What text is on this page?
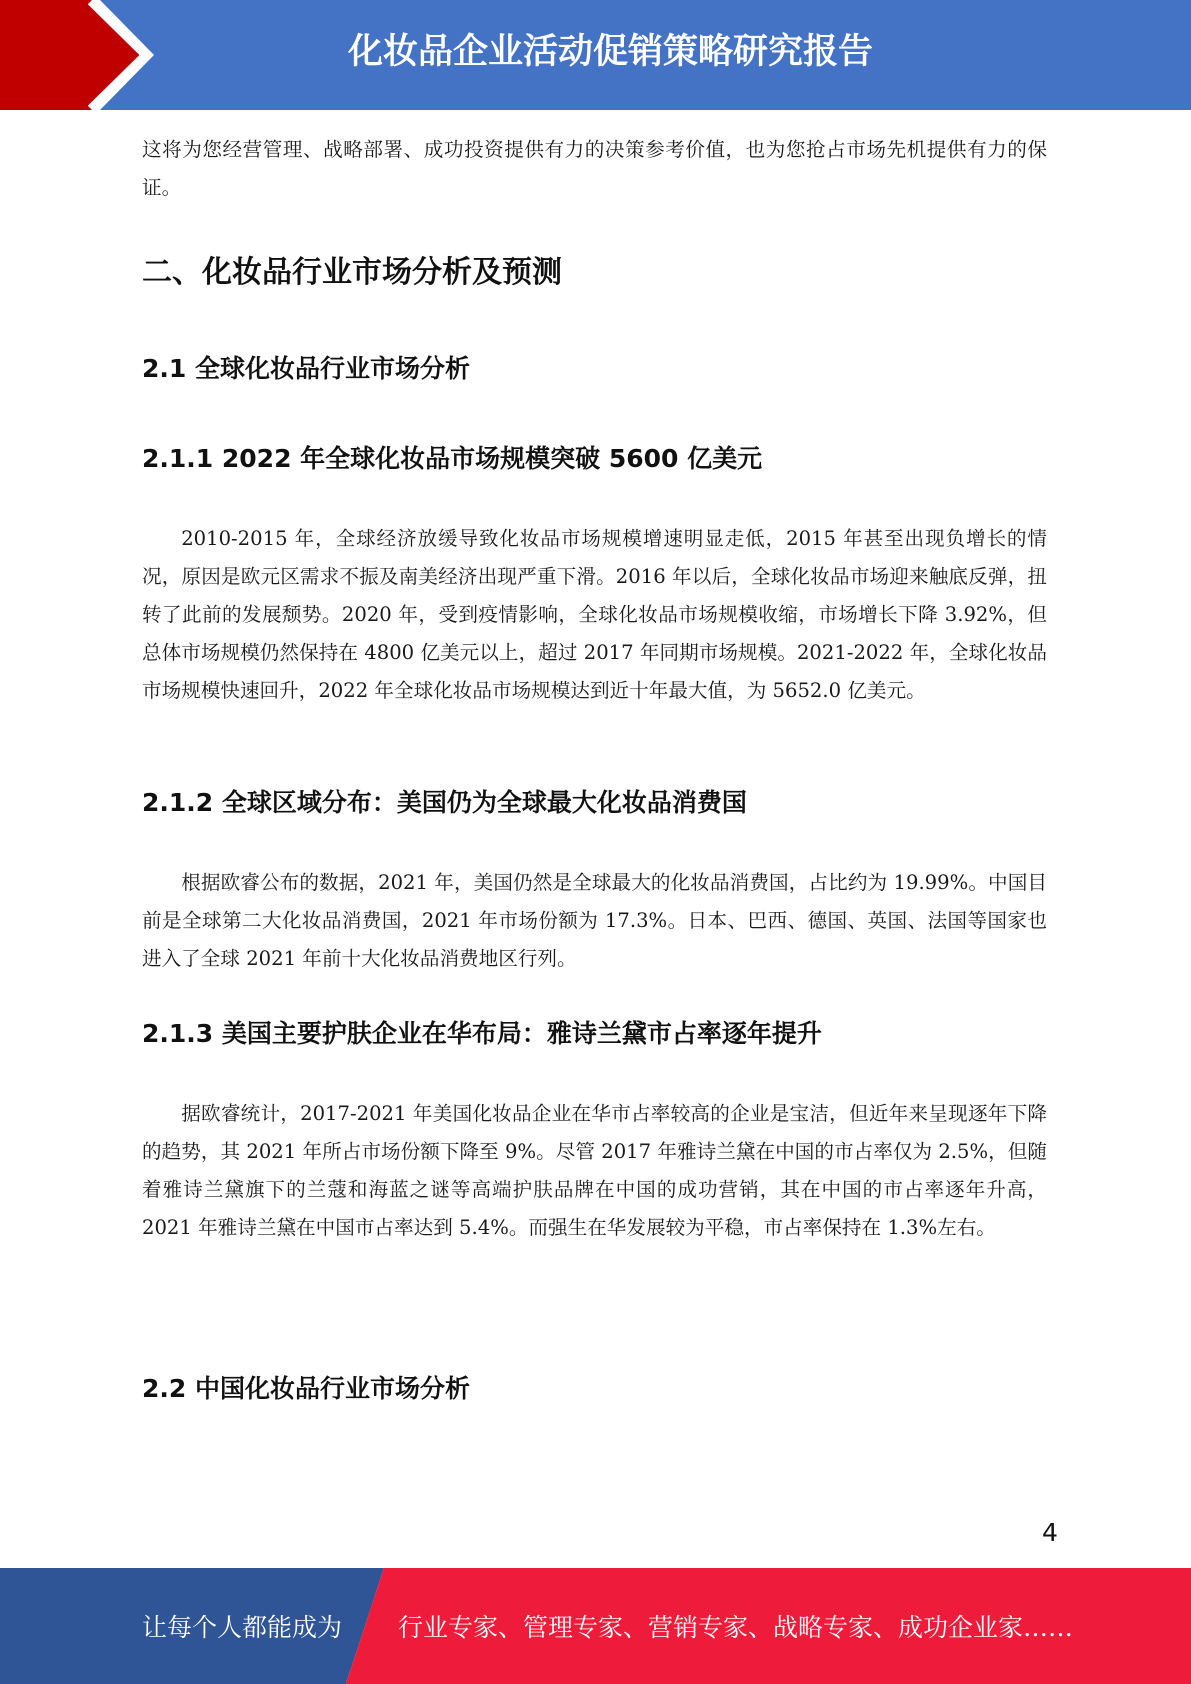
化妆品企业活动促销策略研究报告

这将为您经营管理、战略部署、成功投资提供有力的决策参考价值，也为您抢占市场先机提供有力的保证。

二、化妆品行业市场分析及预测
2.1 全球化妆品行业市场分析
2.1.1 2022 年全球化妆品市场规模突破 5600 亿美元

2010-2015 年，全球经济放缓导致化妆品市场规模增速明显走低，2015 年甚至出现负增长的情况，原因是欧元区需求不振及南美经济出现严重下滑。2016 年以后，全球化妆品市场迎来触底反弹，扭转了此前的发展颓势。2020 年，受到疫情影响，全球化妆品市场规模收缩，市场增长下降 3.92%，但总体市场规模仍然保持在 4800 亿美元以上，超过 2017 年同期市场规模。2021-2022 年，全球化妆品市场规模快速回升，2022 年全球化妆品市场规模达到近十年最大值，为 5652.0 亿美元。

2.1.2 全球区域分布：美国仍为全球最大化妆品消费国

根据欧睿公布的数据，2021 年，美国仍然是全球最大的化妆品消费国，占比约为 19.99%。中国目前是全球第二大化妆品消费国，2021 年市场份额为 17.3%。日本、巴西、德国、英国、法国等国家也进入了全球 2021 年前十大化妆品消费地区行列。

2.1.3 美国主要护肤企业在华布局：雅诗兰黛市占率逐年提升

据欧睿统计，2017-2021 年美国化妆品企业在华市占率较高的企业是宝洁，但近年来呈现逐年下降的趋势，其 2021 年所占市场份额下降至 9%。尽管 2017 年雅诗兰黛在中国的市占率仅为 2.5%，但随着雅诗兰黛旗下的兰蔻和海蓝之谜等高端护肤品牌在中国的成功营销，其在中国的市占率逐年升高，2021 年雅诗兰黛在中国市占率达到 5.4%。而强生在华发展较为平稳，市占率保持在 1.3%左右。

2.2 中国化妆品行业市场分析
4
让每个人都能成为 行业专家、管理专家、营销专家、战略专家、成功企业家……
